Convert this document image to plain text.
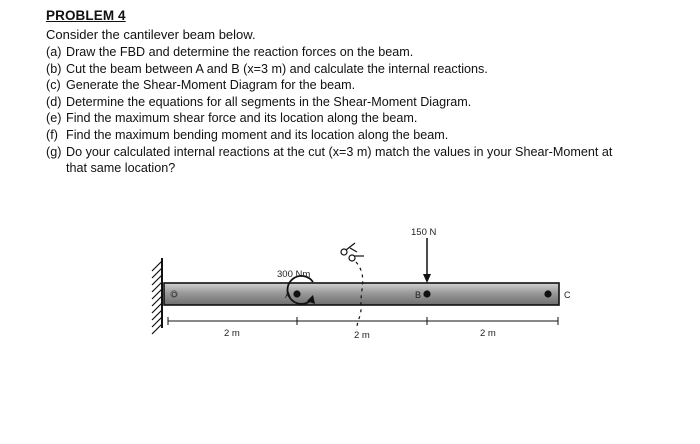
PROBLEM 4
Consider the cantilever beam below.
(a) Draw the FBD and determine the reaction forces on the beam.
(b) Cut the beam between A and B (x=3 m) and calculate the internal reactions.
(c) Generate the Shear-Moment Diagram for the beam.
(d) Determine the equations for all segments in the Shear-Moment Diagram.
(e) Find the maximum shear force and its location along the beam.
(f) Find the maximum bending moment and its location along the beam.
(g) Do your calculated internal reactions at the cut (x=3 m) match the values in your Shear-Moment at
that same location?
O	A
300 Nm
B
150 N
C
2 m	2 m	2 m
